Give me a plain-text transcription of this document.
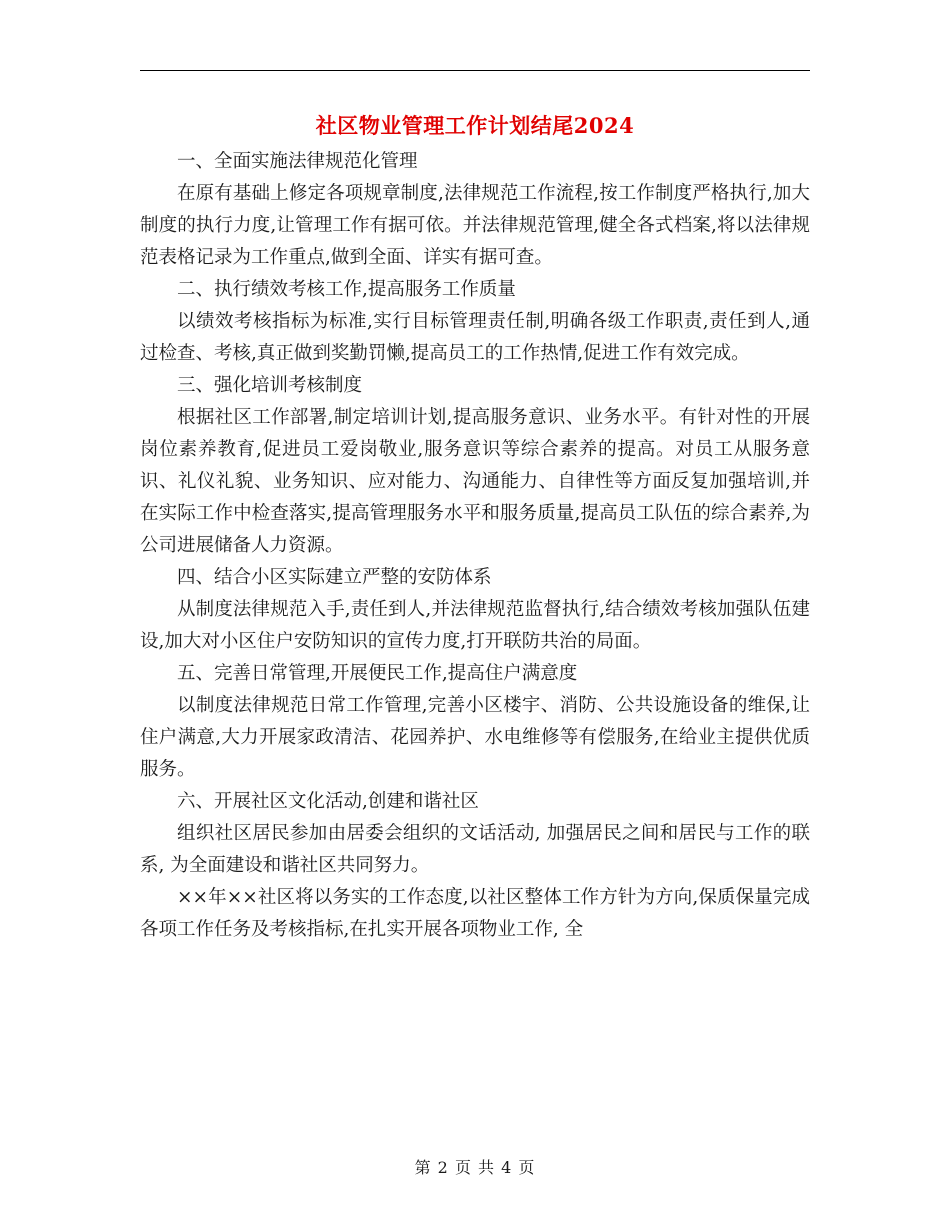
社区物业管理工作计划结尾2024

一、全面实施法律规范化管理

在原有基础上修定各项规章制度,法律规范工作流程,按工作制度严格执行,加大制度的执行力度,让管理工作有据可依。并法律规范管理,健全各式档案,将以法律规范表格记录为工作重点,做到全面、详实有据可查。

二、执行绩效考核工作,提高服务工作质量

以绩效考核指标为标准,实行目标管理责任制,明确各级工作职责,责任到人,通过检查、考核,真正做到奖勤罚懒,提高员工的工作热情,促进工作有效完成。

三、强化培训考核制度

根据社区工作部署,制定培训计划,提高服务意识、业务水平。有针对性的开展岗位素养教育,促进员工爱岗敬业,服务意识等综合素养的提高。对员工从服务意识、礼仪礼貌、业务知识、应对能力、沟通能力、自律性等方面反复加强培训,并在实际工作中检查落实,提高管理服务水平和服务质量,提高员工队伍的综合素养,为公司进展储备人力资源。

四、结合小区实际建立严整的安防体系

从制度法律规范入手,责任到人,并法律规范监督执行,结合绩效考核加强队伍建设,加大对小区住户安防知识的宣传力度,打开联防共治的局面。

五、完善日常管理,开展便民工作,提高住户满意度

以制度法律规范日常工作管理,完善小区楼宇、消防、公共设施设备的维保,让住户满意,大力开展家政清洁、花园养护、水电维修等有偿服务,在给业主提供优质服务。

六、开展社区文化活动,创建和谐社区

组织社区居民参加由居委会组织的文话活动, 加强居民之间和居民与工作的联系, 为全面建设和谐社区共同努力。

××年××社区将以务实的工作态度,以社区整体工作方针为方向,保质保量完成各项工作任务及考核指标,在扎实开展各项物业工作, 全

第 2 页 共 4 页
